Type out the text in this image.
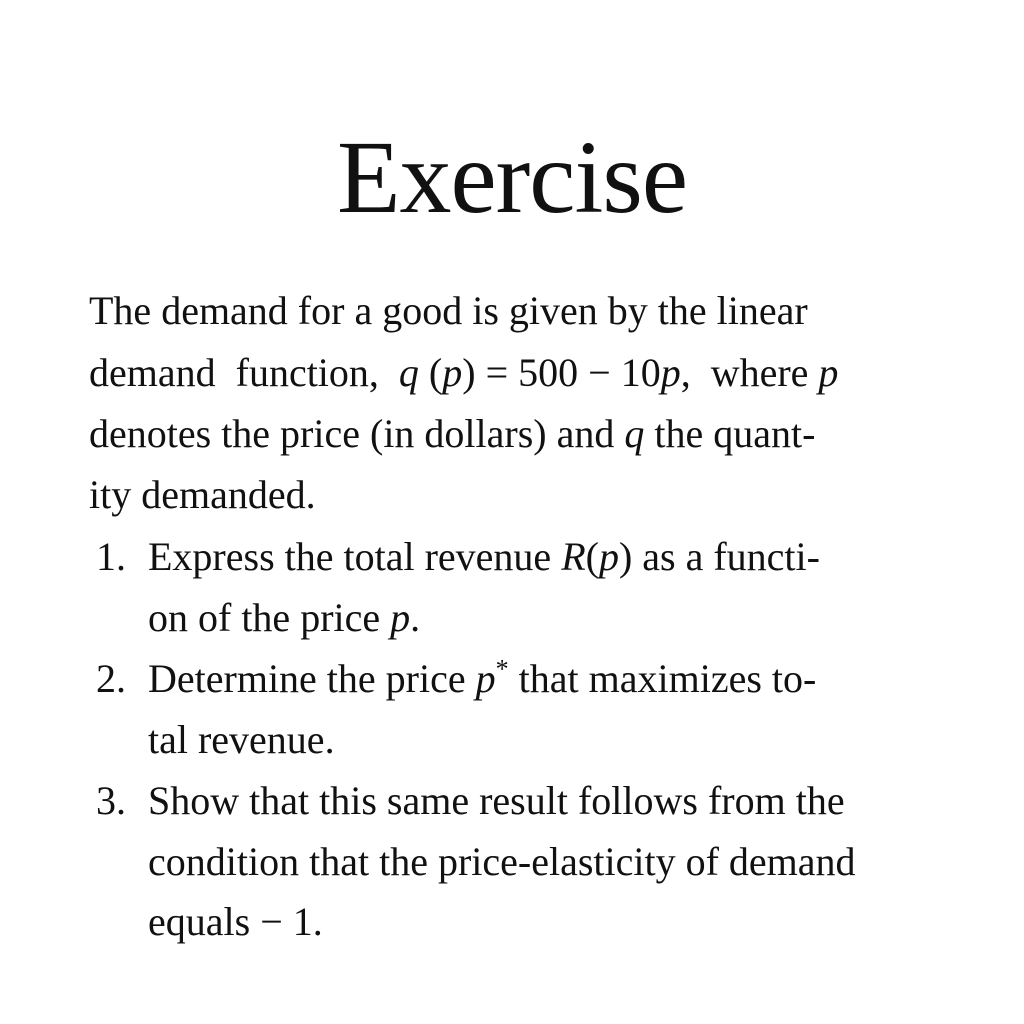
Exercise
The demand for a good is given by the linear
demand  function,  q (p) = 500 − 10p,  where p
denotes the price (in dollars) and q the quant-
ity demanded.
1. Express the total revenue R(p) as a functi-
on of the price p.
2. Determine the price p* that maximizes to-
tal revenue.
3. Show that this same result follows from the
condition that the price-elasticity of demand
equals − 1.
